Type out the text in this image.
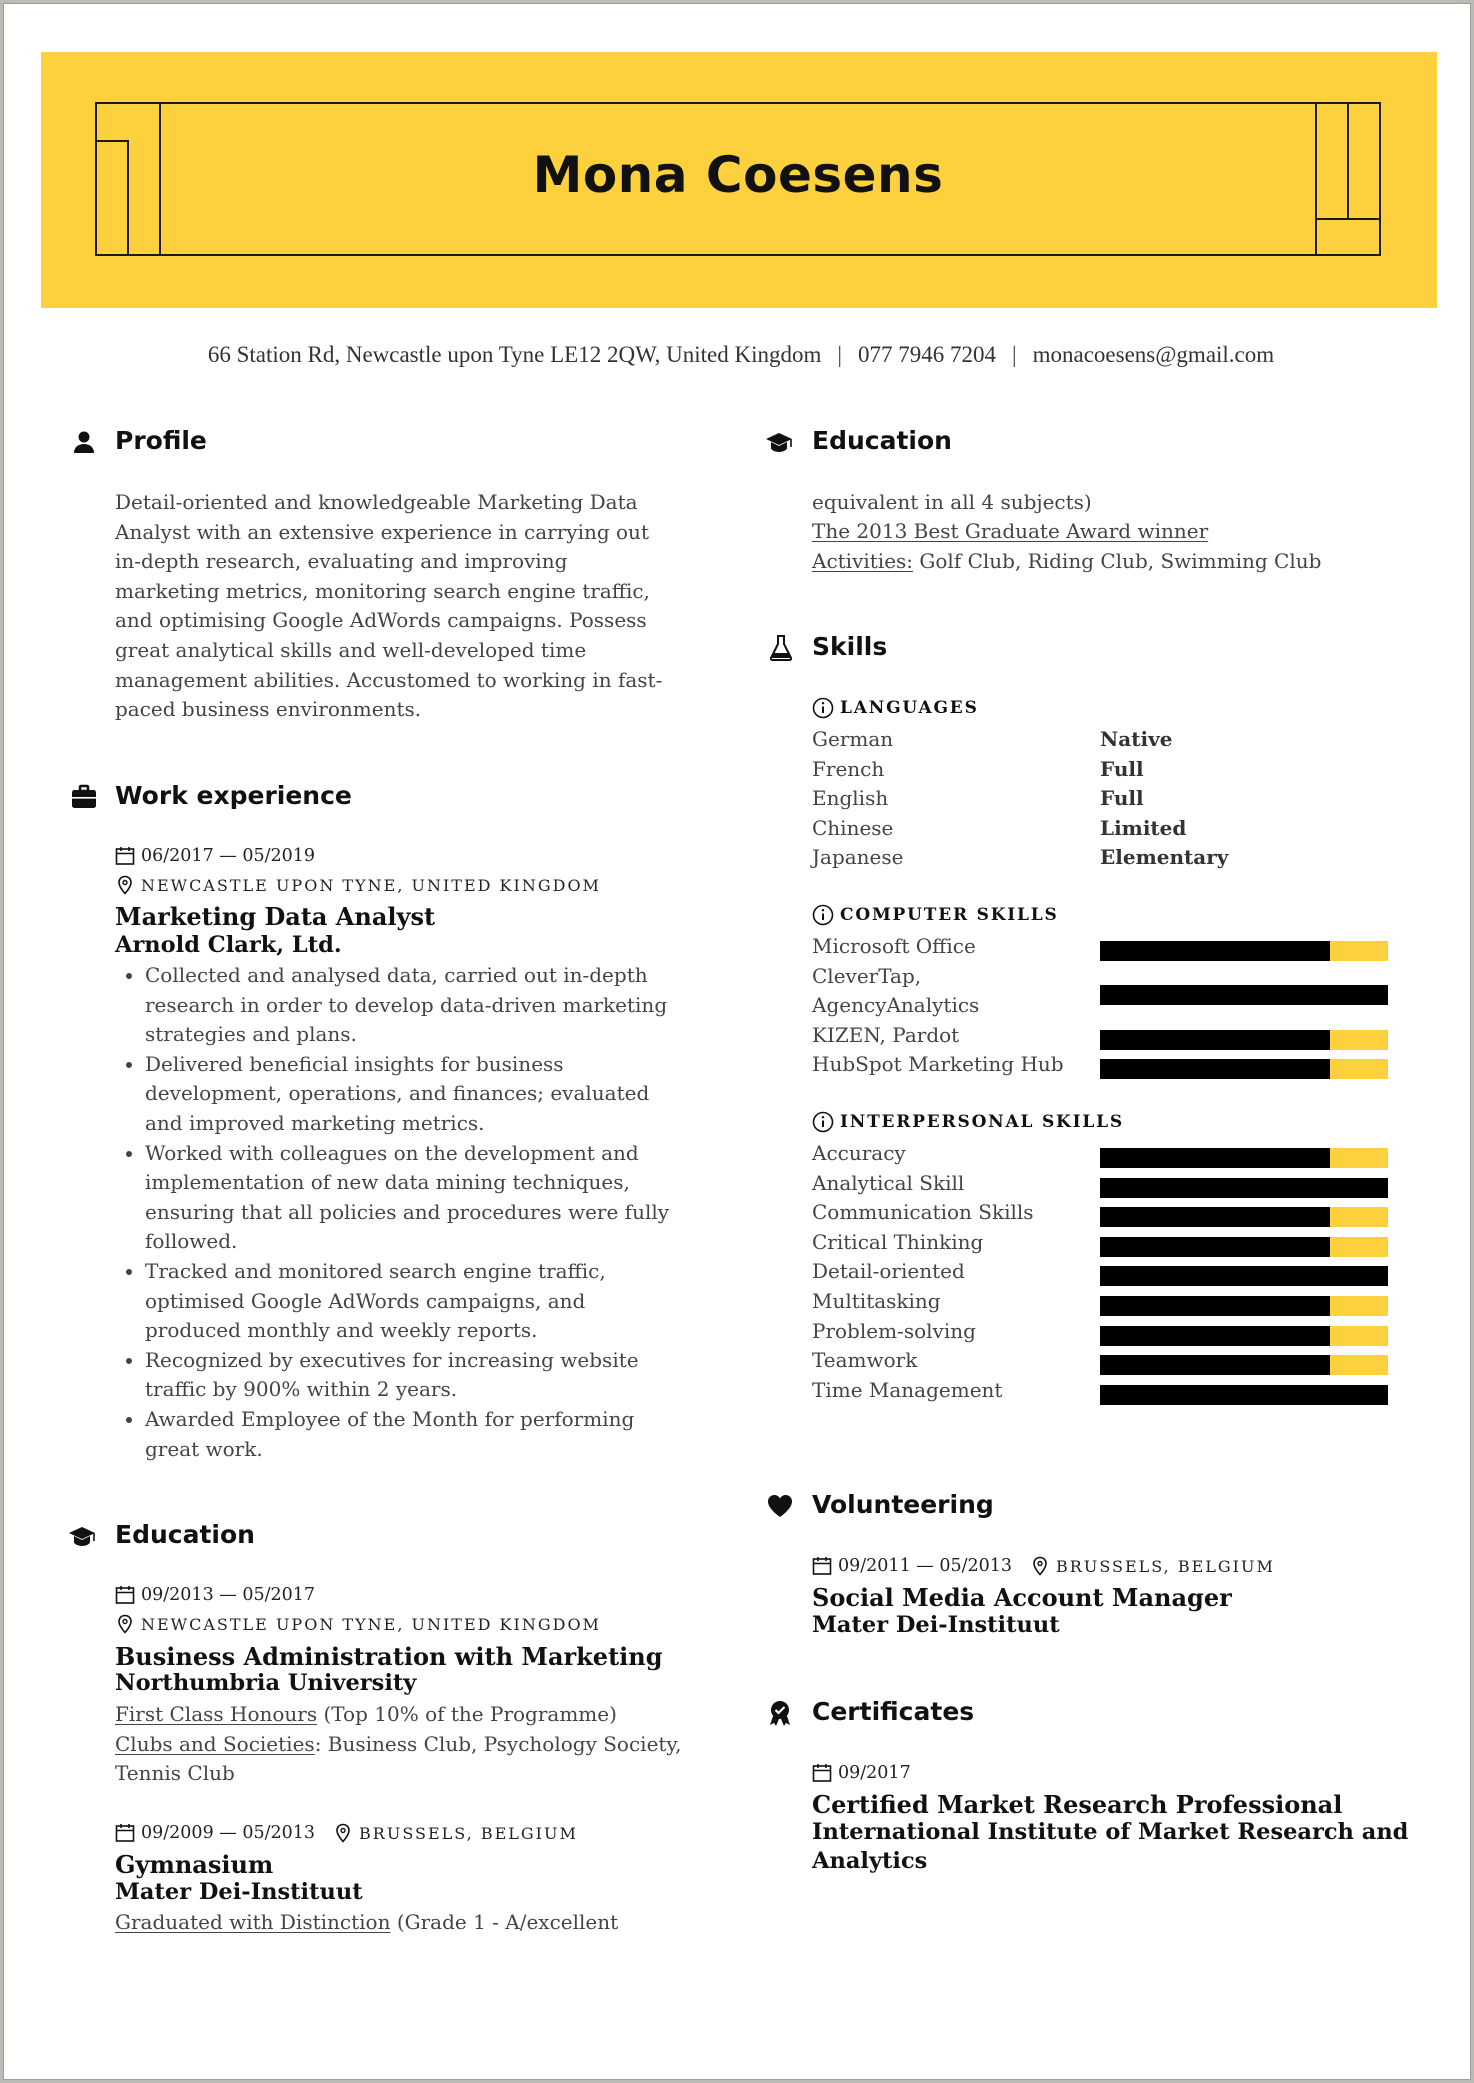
Mona Coesens
66 Station Rd, Newcastle upon Tyne LE12 2QW, United Kingdom | 077 7946 7204 | monacoesens@gmail.com
Profile
Detail-oriented and knowledgeable Marketing Data
Analyst with an extensive experience in carrying out
in-depth research, evaluating and improving
marketing metrics, monitoring search engine traffic,
and optimising Google AdWords campaigns. Possess
great analytical skills and well-developed time
management abilities. Accustomed to working in fast-
paced business environments.
Work experience
06/2017 — 05/2019
NEWCASTLE UPON TYNE, UNITED KINGDOM
Marketing Data Analyst
Arnold Clark, Ltd.
• Collected and analysed data, carried out in-depth
research in order to develop data-driven marketing
strategies and plans.
• Delivered beneficial insights for business
development, operations, and finances; evaluated
and improved marketing metrics.
• Worked with colleagues on the development and
implementation of new data mining techniques,
ensuring that all policies and procedures were fully
followed.
• Tracked and monitored search engine traffic,
optimised Google AdWords campaigns, and
produced monthly and weekly reports.
• Recognized by executives for increasing website
traffic by 900% within 2 years.
• Awarded Employee of the Month for performing
great work.
Education
09/2013 — 05/2017
NEWCASTLE UPON TYNE, UNITED KINGDOM
Business Administration with Marketing
Northumbria University
First Class Honours (Top 10% of the Programme)
Clubs and Societies: Business Club, Psychology Society,
Tennis Club
09/2009 — 05/2013	BRUSSELS, BELGIUM
Gymnasium
Mater Dei-Instituut
Graduated with Distinction (Grade 1 - A/excellent
Education
equivalent in all 4 subjects)
The 2013 Best Graduate Award winner
Activities: Golf Club, Riding Club, Swimming Club
Skills
LANGUAGES
COMPUTER SKILLS
INTERPERSONAL SKILLS
Volunteering
09/2011 — 05/2013	BRUSSELS, BELGIUM
Social Media Account Manager
Mater Dei-Instituut
Certificates
09/2017
Certified Market Research Professional
International Institute of Market Research and
Analytics
German	Native
French	Full
English	Full
Chinese	Limited
Japanese	Elementary
Microsoft Office
CleverTap,
AgencyAnalytics
KIZEN, Pardot
HubSpot Marketing Hub
Accuracy
Analytical Skill
Communication Skills
Critical Thinking
Detail-oriented
Multitasking
Problem-solving
Teamwork
Time Management
